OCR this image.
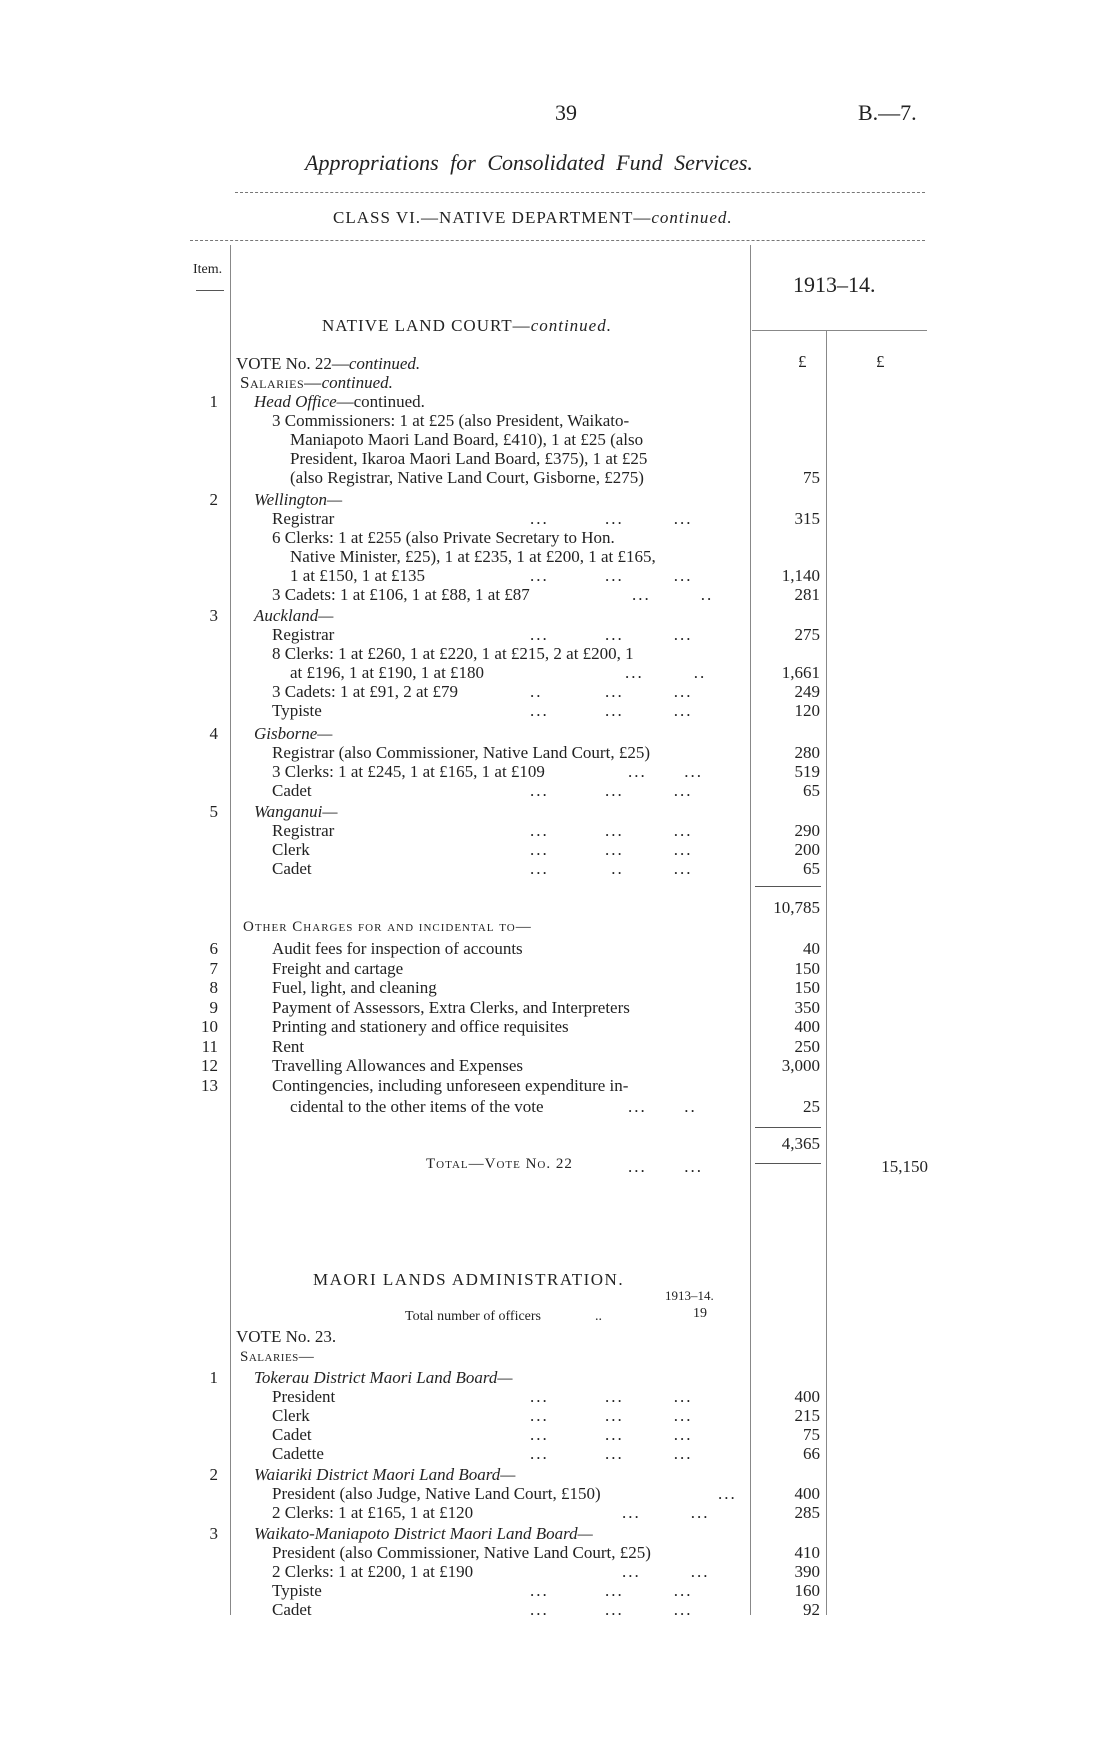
39	B.—7.
Appropriations for Consolidated Fund Services.
CLASS VI.—NATIVE DEPARTMENT—continued.
Item.
1913–14.
£	£
NATIVE LAND COURT—continued.
VOTE No. 22—continued.
Salaries—continued.
1 Head Office—continued.
3 Commissioners: 1 at £25 (also President, Waikato-
Maniapoto Maori Land Board, £410), 1 at £25 (also
President, Ikaroa Maori Land Board, £375), 1 at £25
(also Registrar, Native Land Court, Gisborne, £275)	75
2 Wellington—
Registrar	...         ...        ...	315
6 Clerks: 1 at £255 (also Private Secretary to Hon.
Native Minister, £25), 1 at £235, 1 at £200, 1 at £165,
1 at £150, 1 at £135	...         ...        ...	1,140
3 Cadets: 1 at £106, 1 at £88, 1 at £87	...        ..	281
3 Auckland—
Registrar	...         ...        ...	275
8 Clerks: 1 at £260, 1 at £220, 1 at £215, 2 at £200, 1
at £196, 1 at £190, 1 at £180	...        ..	1,661
3 Cadets: 1 at £91, 2 at £79	..          ...        ...	249
Typiste	...         ...        ...	120
4 Gisborne—
Registrar (also Commissioner, Native Land Court, £25)	280
3 Clerks: 1 at £245, 1 at £165, 1 at £109	...      ...	519
Cadet	...         ...        ...	65
5 Wanganui—
Registrar	...         ...        ...	290
Clerk	...         ...        ...	200
Cadet	...          ..        ...	65
10,785
Other Charges for and incidental to—
6	Audit fees for inspection of accounts	40
7	Freight and cartage	150
8	Fuel, light, and cleaning	150
9	Payment of Assessors, Extra Clerks, and Interpreters	350
10	Printing and stationery and office requisites	400
11	Rent	250
12	Travelling Allowances and Expenses	3,000
13	Contingencies, including unforeseen expenditure in-
cidental to the other items of the vote	...      ..	25
4,365
Total—Vote No. 22	...      ...	15,150
MAORI LANDS ADMINISTRATION.
1913–14.
Total number of officers	..	19
VOTE No. 23.
Salaries—
1 Tokerau District Maori Land Board—
President	...         ...        ...	400
Clerk	...         ...        ...	215
Cadet	...         ...        ...	75
Cadette	...         ...        ...	66
2 Waiariki District Maori Land Board—
President (also Judge, Native Land Court, £150)	...	400
2 Clerks: 1 at £165, 1 at £120	...        ...	285
3 Waikato-Maniapoto District Maori Land Board—
President (also Commissioner, Native Land Court, £25)	410
2 Clerks: 1 at £200, 1 at £190	...        ...	390
Typiste	...         ...        ...	160
Cadet	...         ...        ...	92
